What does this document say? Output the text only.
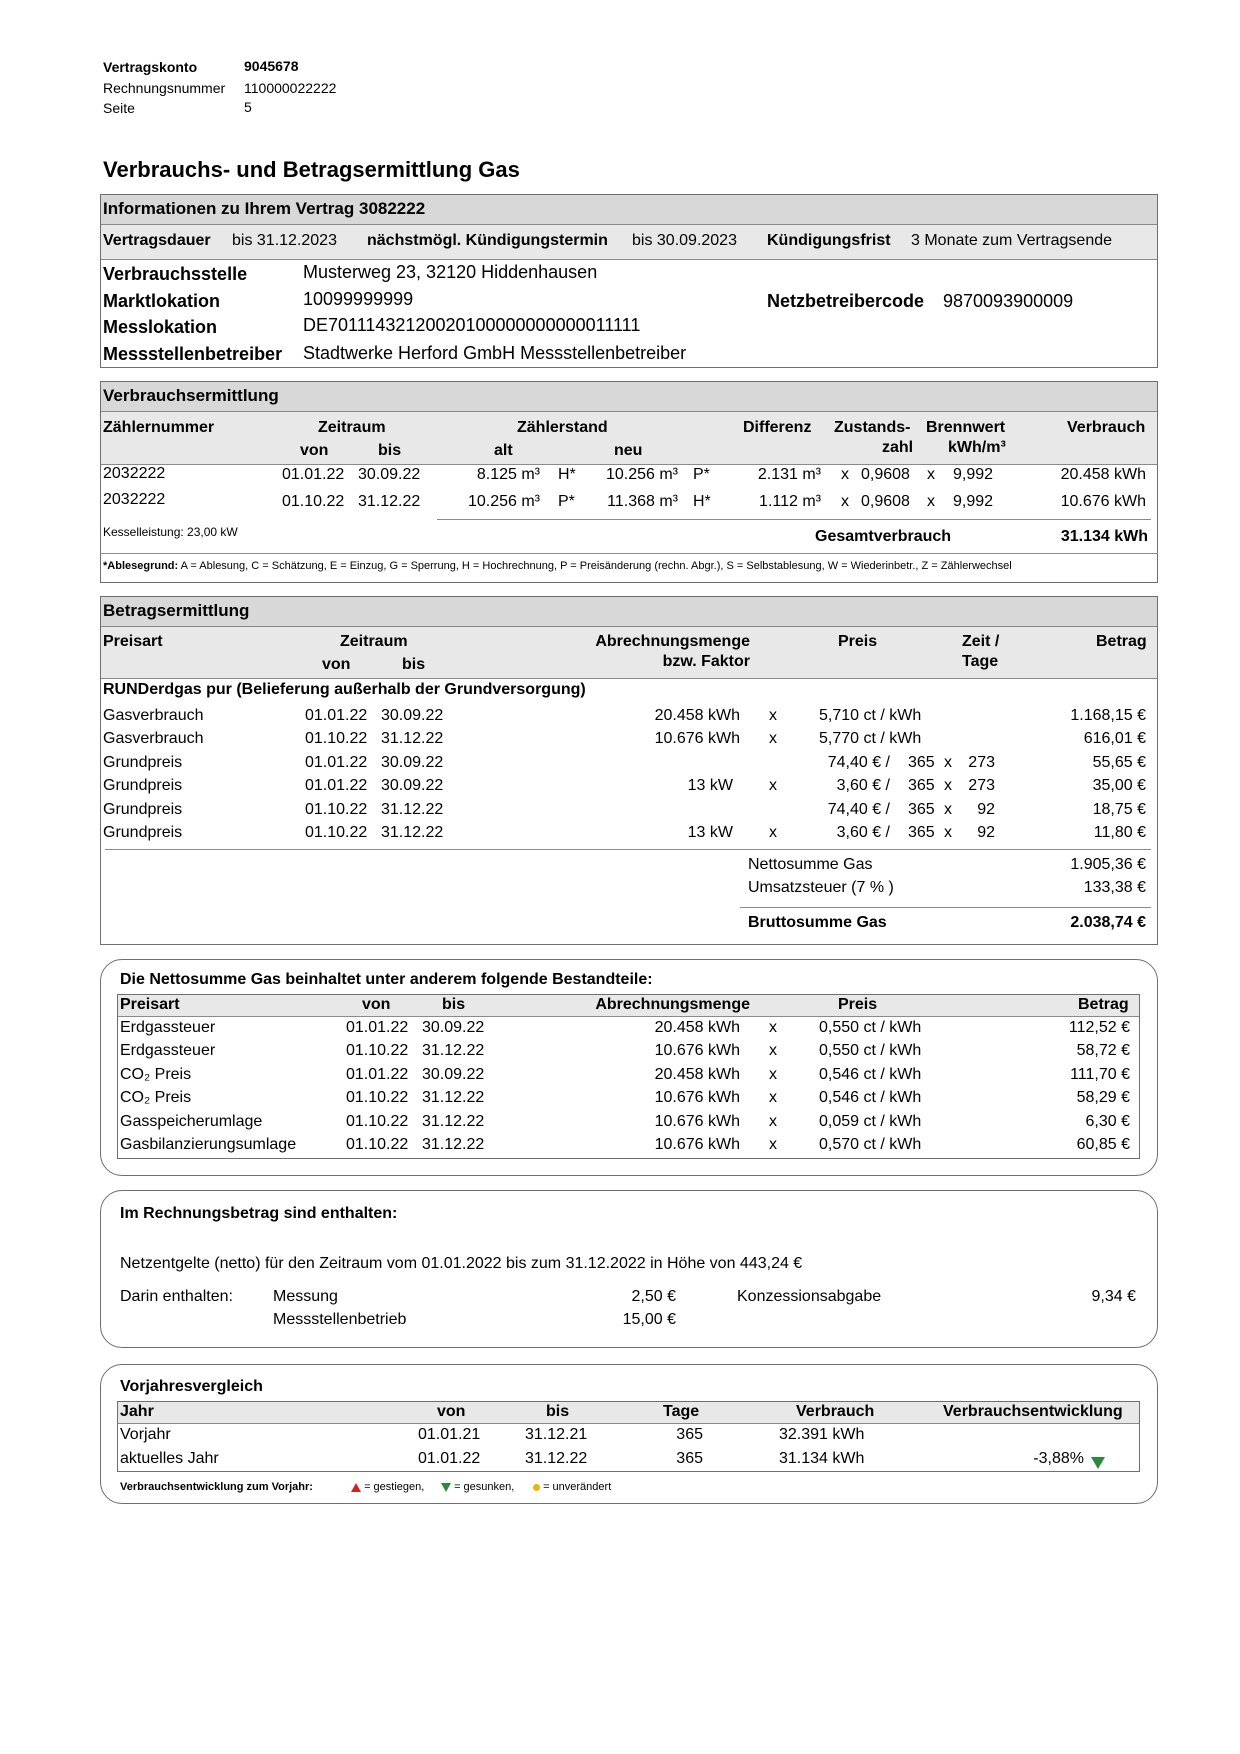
Vertragskonto	9045678
Rechnungsnummer 110000022222
Seite	5
Verbrauchs- und Betragsermittlung Gas
Informationen zu Ihrem Vertrag 3082222
Vertragsdauer bis 31.12.2023 nächstmögl. Kündigungstermin bis 30.09.2023 Kündigungsfrist 3 Monate zum Vertragsende
Verbrauchsstelle	Musterweg 23, 32120 Hiddenhausen
Marktlokation	10099999999	Netzbetreibercode 9870093900009
Messlokation	DE70111432120020100000000000011111
Messstellenbetreiber Stadtwerke Herford GmbH Messstellenbetreiber
Verbrauchsermittlung
Zählernummer	Zeitraum
von	bis
Zählerstand
alt	neu
Differenz Zustands-
zahl
Brennwert
kWh/m³
Verbrauch
2032222	01.01.22 30.09.22	8.125 m³ H*	10.256 m³ P*	2.131 m³ x 0,9608 x 9,992	20.458 kWh
2032222	01.10.22 31.12.22	10.256 m³ P*	11.368 m³ H*	1.112 m³ x 0,9608 x 9,992	10.676 kWh
Kesselleistung: 23,00 kW	Gesamtverbrauch	31.134 kWh
*Ablesegrund: A = Ablesung, C = Schätzung, E = Einzug, G = Sperrung, H = Hochrechnung, P = Preisänderung (rechn. Abgr.), S = Selbstablesung, W = Wiederinbetr., Z = Zählerwechsel
Betragsermittlung
Preisart	Zeitraum
von	bis
Abrechnungsmenge
bzw. Faktor
Preis	Zeit /
Tage
Betrag
RUNDerdgas pur (Belieferung außerhalb der Grundversorgung)
Gasverbrauch	01.01.22 30.09.22	20.458 kWh x	5,710 ct / kWh	1.168,15 €
Gasverbrauch	01.10.22 31.12.22	10.676 kWh x	5,770 ct / kWh	616,01 €
Grundpreis	01.01.22 30.09.22	74,40 € / 365 x	273	55,65 €
Grundpreis	01.01.22 30.09.22	13 kW x	3,60 € / 365 x	273	35,00 €
Grundpreis	01.10.22 31.12.22	74,40 € / 365 x	92	18,75 €
Grundpreis	01.10.22 31.12.22	13 kW x	3,60 € / 365 x	92	11,80 €
Nettosumme Gas	1.905,36 €
Umsatzsteuer (7 % )	133,38 €
Bruttosumme Gas	2.038,74 €
Die Nettosumme Gas beinhaltet unter anderem folgende Bestandteile:
Preisart	von	bis	Abrechnungsmenge	Preis	Betrag
Erdgassteuer	01.01.22 30.09.22	20.458 kWh x	0,550 ct / kWh	112,52 €
Erdgassteuer	01.10.22 31.12.22	10.676 kWh x	0,550 ct / kWh	58,72 €
CO₂ Preis	01.01.22 30.09.22	20.458 kWh x	0,546 ct / kWh	111,70 €
CO₂ Preis	01.10.22 31.12.22	10.676 kWh x	0,546 ct / kWh	58,29 €
Gasspeicherumlage	01.10.22 31.12.22	10.676 kWh x	0,059 ct / kWh	6,30 €
Gasbilanzierungsumlage	01.10.22 31.12.22	10.676 kWh x	0,570 ct / kWh	60,85 €
Im Rechnungsbetrag sind enthalten:
Netzentgelte (netto) für den Zeitraum vom 01.01.2022 bis zum 31.12.2022 in Höhe von 443,24 €
Darin enthalten:	Messung	2,50 €
Messstellenbetrieb	15,00 €
Konzessionsabgabe	9,34 €
Vorjahresvergleich
Jahr	von	bis	Tage	Verbrauch	Verbrauchsentwicklung
Vorjahr	01.01.21	31.12.21	365	32.391 kWh
aktuelles Jahr	01.01.22	31.12.22	365	31.134 kWh	-3,88%
Verbrauchsentwicklung zum Vorjahr:	= gestiegen,	= gesunken,	= unverändert
